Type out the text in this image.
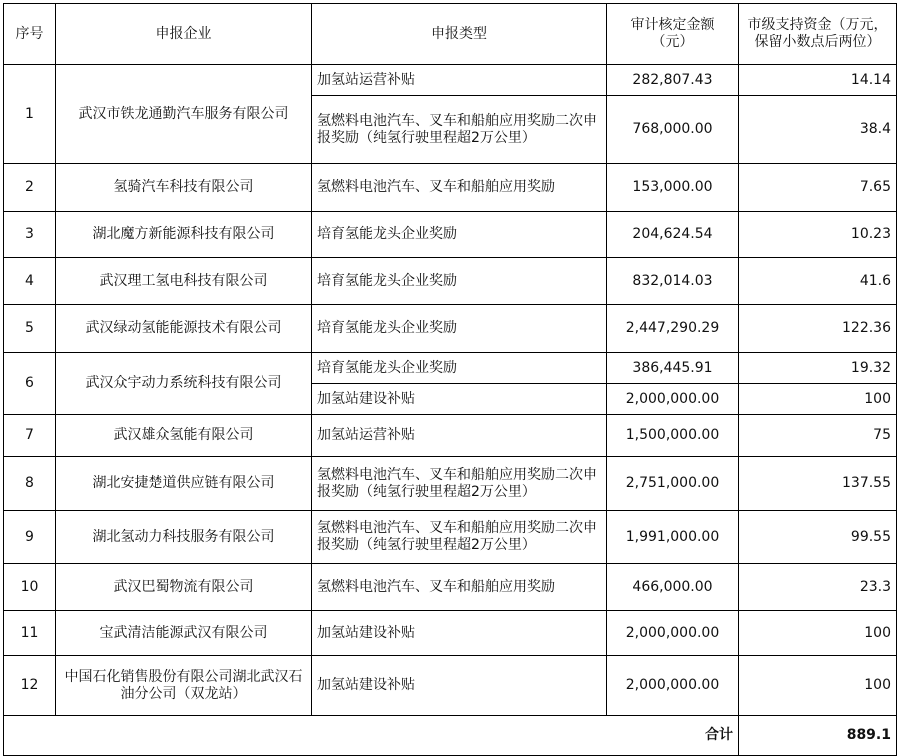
序号	申报企业	申报类型	审计核定金额（元）	市级支持资金（万元，保留小数点后两位）
1	武汉市铁龙通勤汽车服务有限公司	加氢站运营补贴	282,807.43	14.14
		氢燃料电池汽车、叉车和船舶应用奖励二次申报奖励（纯氢行驶里程超2万公里）	768,000.00	38.4
2	氢骑汽车科技有限公司	氢燃料电池汽车、叉车和船舶应用奖励	153,000.00	7.65
3	湖北魔方新能源科技有限公司	培育氢能龙头企业奖励	204,624.54	10.23
4	武汉理工氢电科技有限公司	培育氢能龙头企业奖励	832,014.03	41.6
5	武汉绿动氢能能源技术有限公司	培育氢能龙头企业奖励	2,447,290.29	122.36
6	武汉众宇动力系统科技有限公司	培育氢能龙头企业奖励	386,445.91	19.32
		加氢站建设补贴	2,000,000.00	100
7	武汉雄众氢能有限公司	加氢站运营补贴	1,500,000.00	75
8	湖北安捷楚道供应链有限公司	氢燃料电池汽车、叉车和船舶应用奖励二次申报奖励（纯氢行驶里程超2万公里）	2,751,000.00	137.55
9	湖北氢动力科技服务有限公司	氢燃料电池汽车、叉车和船舶应用奖励二次申报奖励（纯氢行驶里程超2万公里）	1,991,000.00	99.55
10	武汉巴蜀物流有限公司	氢燃料电池汽车、叉车和船舶应用奖励	466,000.00	23.3
11	宝武清洁能源武汉有限公司	加氢站建设补贴	2,000,000.00	100
12	中国石化销售股份有限公司湖北武汉石油分公司（双龙站）	加氢站建设补贴	2,000,000.00	100
合计				889.1
